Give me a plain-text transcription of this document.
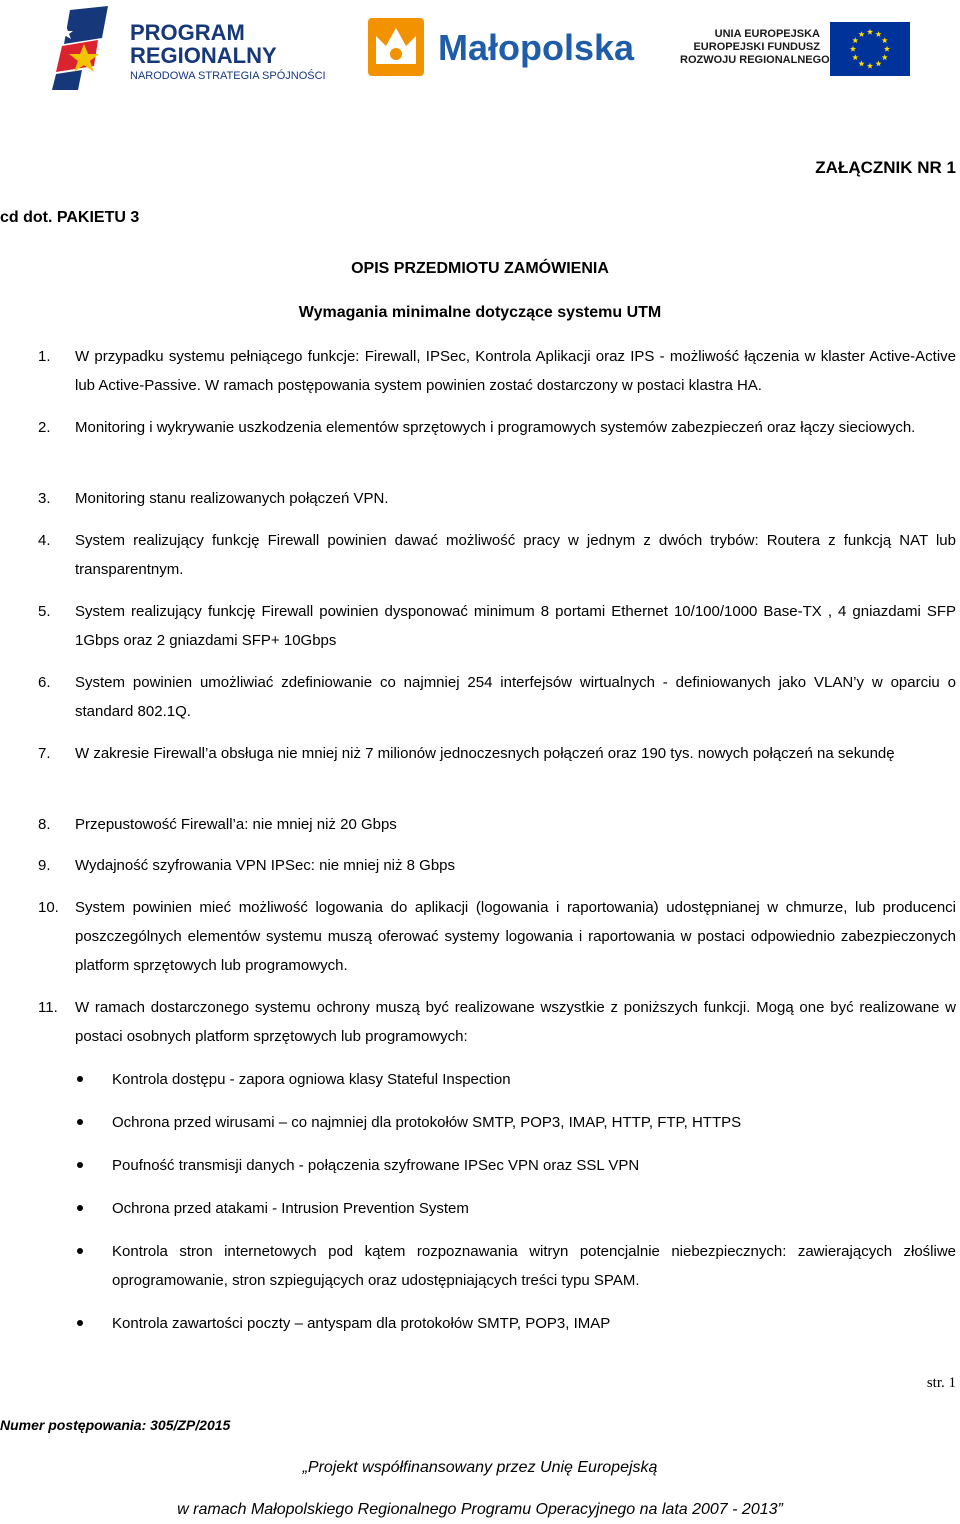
PROGRAM
REGIONALNY
NARODOWA STRATEGIA SPÓJNOŚCI
Małopolska	UNIA EUROPEJSKA
EUROPEJSKI FUNDUSZ
ROZWOJU REGIONALNEGO
ZAŁĄCZNIK NR 1
cd dot. PAKIETU 3
OPIS PRZEDMIOTU ZAMÓWIENIA
Wymagania minimalne dotyczące systemu UTM
1. W przypadku systemu pełniącego funkcje: Firewall, IPSec, Kontrola Aplikacji oraz IPS - możliwość łączenia w klaster Active-Active lub Active-Passive. W ramach postępowania system powinien zostać dostarczony w postaci klastra HA.
2. Monitoring i wykrywanie uszkodzenia elementów sprzętowych i programowych systemów zabezpieczeń oraz łączy sieciowych.
3. Monitoring stanu realizowanych połączeń VPN.
4. System realizujący funkcję Firewall powinien dawać możliwość pracy w jednym z dwóch trybów: Routera z funkcją NAT lub transparentnym.
5. System realizujący funkcję Firewall powinien dysponować minimum 8 portami Ethernet 10/100/1000 Base-TX , 4 gniazdami SFP 1Gbps oraz 2 gniazdami SFP+ 10Gbps
6. System powinien umożliwiać zdefiniowanie co najmniej 254 interfejsów wirtualnych - definiowanych jako VLAN’y w oparciu o standard 802.1Q.
7. W zakresie Firewall’a obsługa nie mniej niż 7 milionów jednoczesnych połączeń oraz 190 tys. nowych połączeń na sekundę
8. Przepustowość Firewall’a: nie mniej niż 20 Gbps
9. Wydajność szyfrowania VPN IPSec: nie mniej niż 8 Gbps
10. System powinien mieć możliwość logowania do aplikacji (logowania i raportowania) udostępnianej w chmurze, lub producenci poszczególnych elementów systemu muszą oferować systemy logowania i raportowania w postaci odpowiednio zabezpieczonych platform sprzętowych lub programowych.
11. W ramach dostarczonego systemu ochrony muszą być realizowane wszystkie z poniższych funkcji. Mogą one być realizowane w postaci osobnych platform sprzętowych lub programowych:
Kontrola dostępu - zapora ogniowa klasy Stateful Inspection
Ochrona przed wirusami – co najmniej dla protokołów SMTP, POP3, IMAP, HTTP, FTP, HTTPS
Poufność transmisji danych - połączenia szyfrowane IPSec VPN oraz SSL VPN
Ochrona przed atakami - Intrusion Prevention System
Kontrola stron internetowych pod kątem rozpoznawania witryn potencjalnie niebezpiecznych: zawierających złośliwe oprogramowanie, stron szpiegujących oraz udostępniających treści typu SPAM.
Kontrola zawartości poczty – antyspam dla protokołów SMTP, POP3, IMAP
str. 1
Numer postępowania: 305/ZP/2015
„Projekt współfinansowany przez Unię Europejską
w ramach Małopolskiego Regionalnego Programu Operacyjnego na lata 2007 - 2013”
